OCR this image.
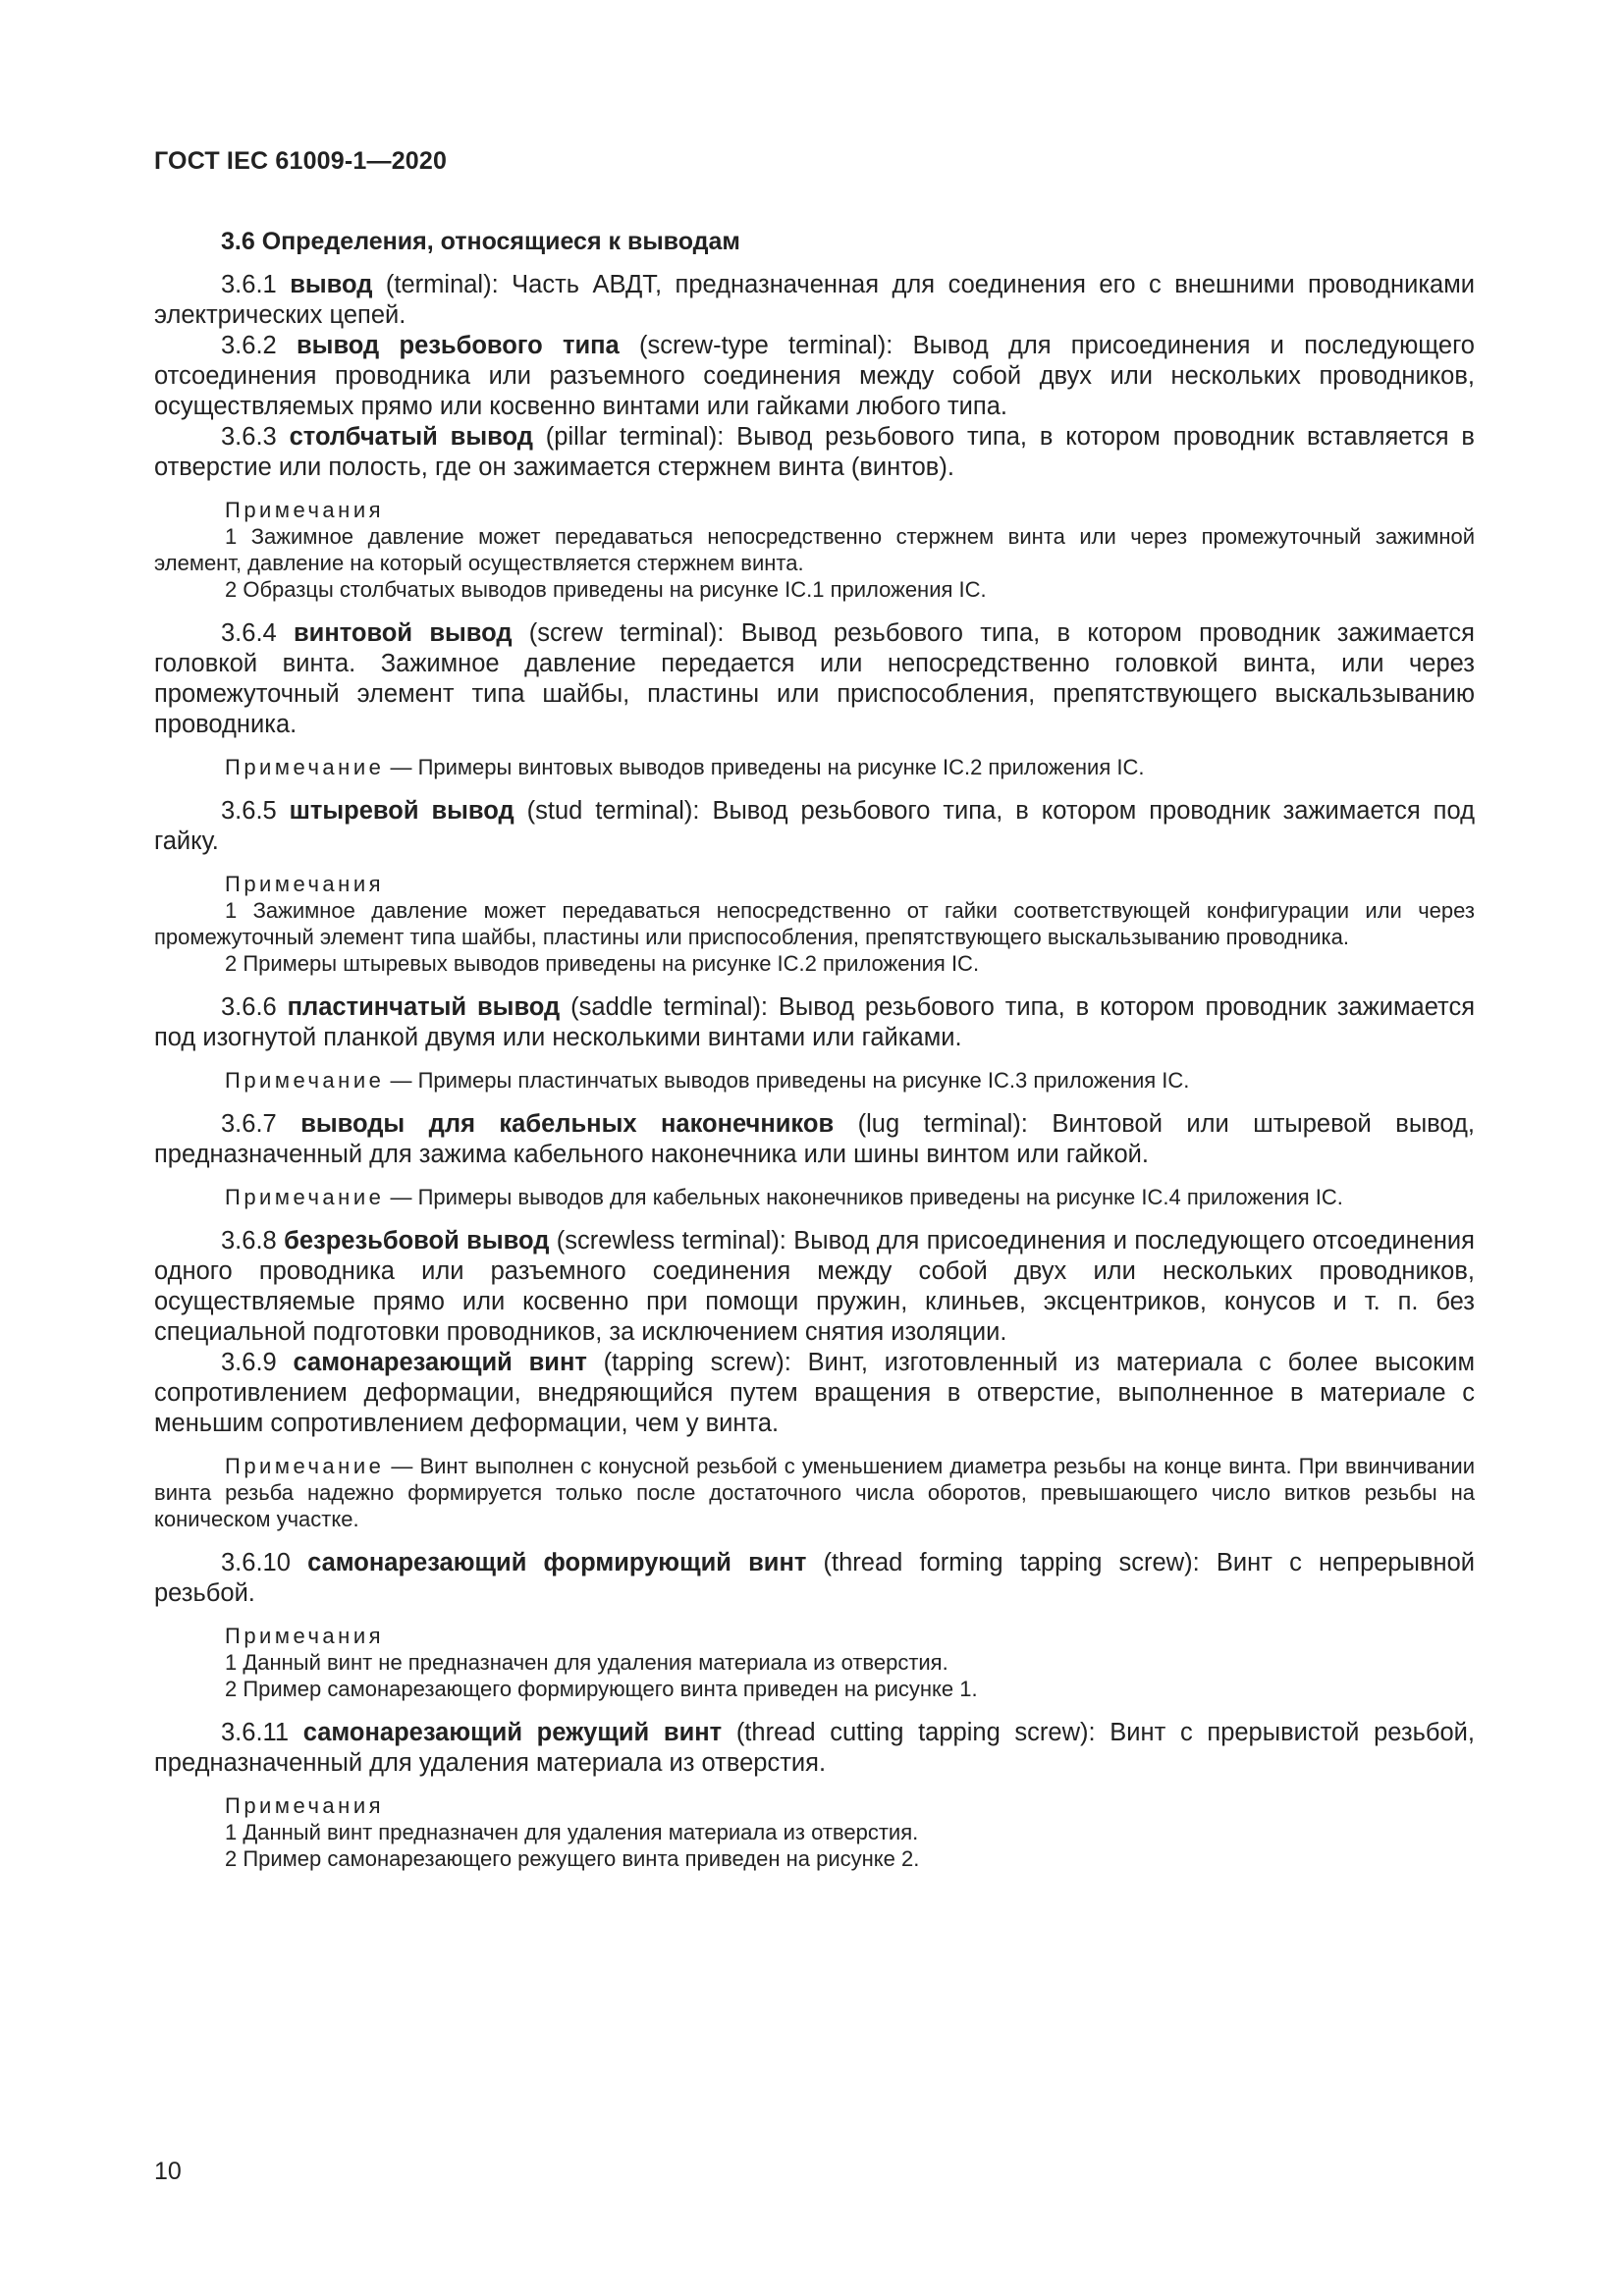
ГОСТ IEC 61009-1—2020
3.6 Определения, относящиеся к выводам

3.6.1 вывод (terminal): Часть АВДТ, предназначенная для соединения его с внешними проводниками электрических цепей.

3.6.2 вывод резьбового типа (screw-type terminal): Вывод для присоединения и последующего отсоединения проводника или разъемного соединения между собой двух или нескольких проводников, осуществляемых прямо или косвенно винтами или гайками любого типа.

3.6.3 столбчатый вывод (pillar terminal): Вывод резьбового типа, в котором проводник вставляется в отверстие или полость, где он зажимается стержнем винта (винтов).

Примечания

1 Зажимное давление может передаваться непосредственно стержнем винта или через промежуточный зажимной элемент, давление на который осуществляется стержнем винта.

2 Образцы столбчатых выводов приведены на рисунке IC.1 приложения IC.

3.6.4 винтовой вывод (screw terminal): Вывод резьбового типа, в котором проводник зажимается головкой винта. Зажимное давление передается или непосредственно головкой винта, или через промежуточный элемент типа шайбы, пластины или приспособления, препятствующего выскальзыванию проводника.

Примечание — Примеры винтовых выводов приведены на рисунке IC.2 приложения IC.

3.6.5 штыревой вывод (stud terminal): Вывод резьбового типа, в котором проводник зажимается под гайку.

Примечания

1 Зажимное давление может передаваться непосредственно от гайки соответствующей конфигурации или через промежуточный элемент типа шайбы, пластины или приспособления, препятствующего выскальзыванию проводника.

2 Примеры штыревых выводов приведены на рисунке IC.2 приложения IC.

3.6.6 пластинчатый вывод (saddle terminal): Вывод резьбового типа, в котором проводник зажимается под изогнутой планкой двумя или несколькими винтами или гайками.

Примечание — Примеры пластинчатых выводов приведены на рисунке IC.3 приложения IC.

3.6.7 выводы для кабельных наконечников (lug terminal): Винтовой или штыревой вывод, предназначенный для зажима кабельного наконечника или шины винтом или гайкой.

Примечание — Примеры выводов для кабельных наконечников приведены на рисунке IC.4 приложения IC.

3.6.8 безрезьбовой вывод (screwless terminal): Вывод для присоединения и последующего отсоединения одного проводника или разъемного соединения между собой двух или нескольких проводников, осуществляемые прямо или косвенно при помощи пружин, клиньев, эксцентриков, конусов и т. п. без специальной подготовки проводников, за исключением снятия изоляции.

3.6.9 самонарезающий винт (tapping screw): Винт, изготовленный из материала с более высоким сопротивлением деформации, внедряющийся путем вращения в отверстие, выполненное в материале с меньшим сопротивлением деформации, чем у винта.

Примечание — Винт выполнен с конусной резьбой с уменьшением диаметра резьбы на конце винта. При ввинчивании винта резьба надежно формируется только после достаточного числа оборотов, превышающего число витков резьбы на коническом участке.

3.6.10 самонарезающий формирующий винт (thread forming tapping screw): Винт с непрерывной резьбой.

Примечания

1 Данный винт не предназначен для удаления материала из отверстия.

2 Пример самонарезающего формирующего винта приведен на рисунке 1.

3.6.11 самонарезающий режущий винт (thread cutting tapping screw): Винт с прерывистой резьбой, предназначенный для удаления материала из отверстия.

Примечания

1 Данный винт предназначен для удаления материала из отверстия.

2 Пример самонарезающего режущего винта приведен на рисунке 2.

10
